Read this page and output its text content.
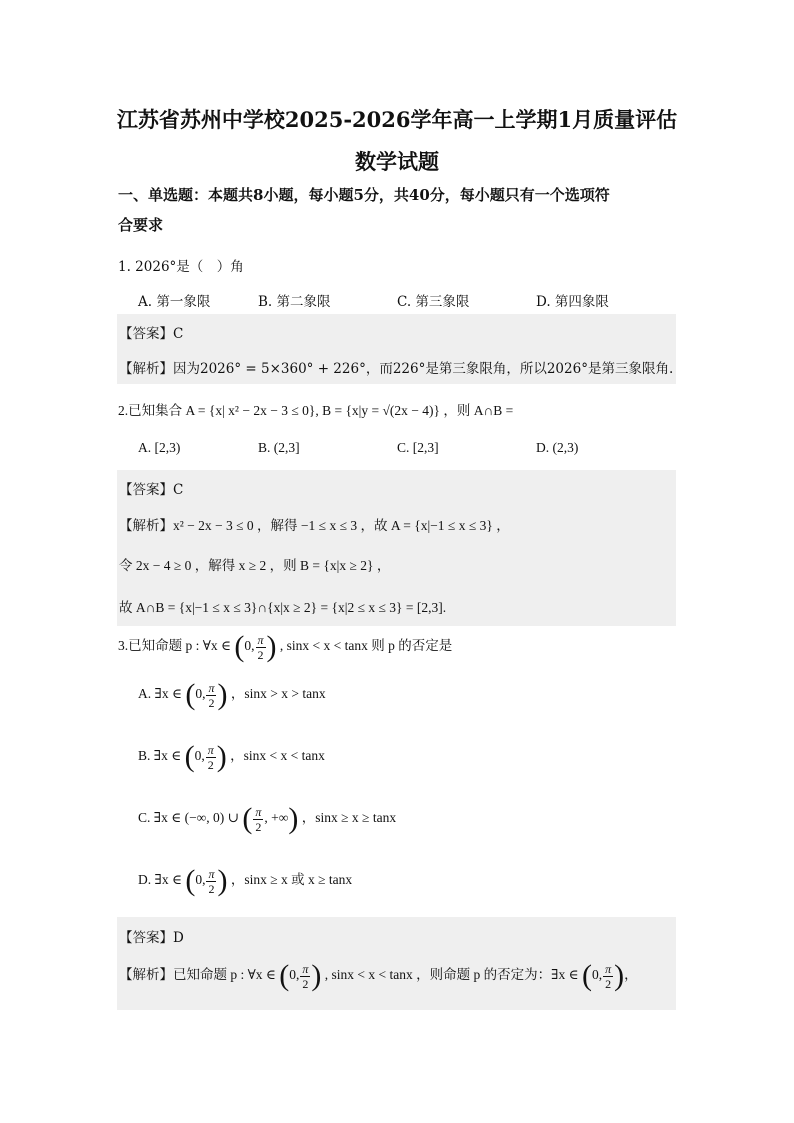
江苏省苏州中学校2025-2026学年高一上学期1月质量评估
数学试题
一、单选题：本题共8小题，每小题5分，共40分，每小题只有一个选项符
合要求
1. 2026°是（　）角
A. 第一象限	B. 第二象限	C. 第三象限	D. 第四象限
【答案】C
【解析】因为2026° = 5×360° + 226°，而226°是第三象限角，所以2026°是第三象限角.
2.已知集合 A = {x| x² − 2x − 3 ≤ 0}, B = {x|y = √(2x − 4)} ，则 A∩B =
A. [2,3)	B. (2,3]	C. [2,3]	D. (2,3)
【答案】C
【解析】x² − 2x − 3 ≤ 0 ，解得 −1 ≤ x ≤ 3 ，故 A = {x|−1 ≤ x ≤ 3} ，
令 2x − 4 ≥ 0 ，解得 x ≥ 2 ，则 B = {x|x ≥ 2} ，
故 A∩B = {x|−1 ≤ x ≤ 3}∩{x|x ≥ 2} = {x|2 ≤ x ≤ 3} = [2,3].
3.已知命题 p : ∀x ∈ (0, $\frac{\pi}{2}$ ) , sinx < x < tanx 则 p 的否定是
A. ∃x ∈ (0, $\frac{\pi}{2}$ ) ，sinx > x > tanx
B. ∃x ∈ (0, $\frac{\pi}{2}$ ) ，sinx < x < tanx
C. ∃x ∈ (−∞, 0) ∪ ( $\frac{\pi}{2}$ , +∞) ，sinx ≥ x ≥ tanx
D. ∃x ∈ (0, $\frac{\pi}{2}$ ) ，sinx ≥ x 或 x ≥ tanx
【答案】D
【解析】已知命题 p : ∀x ∈ (0, $\frac{\pi}{2}$ ) , sinx < x < tanx ，则命题 p 的否定为：∃x ∈ (0, $\frac{\pi}{2}$ )，
